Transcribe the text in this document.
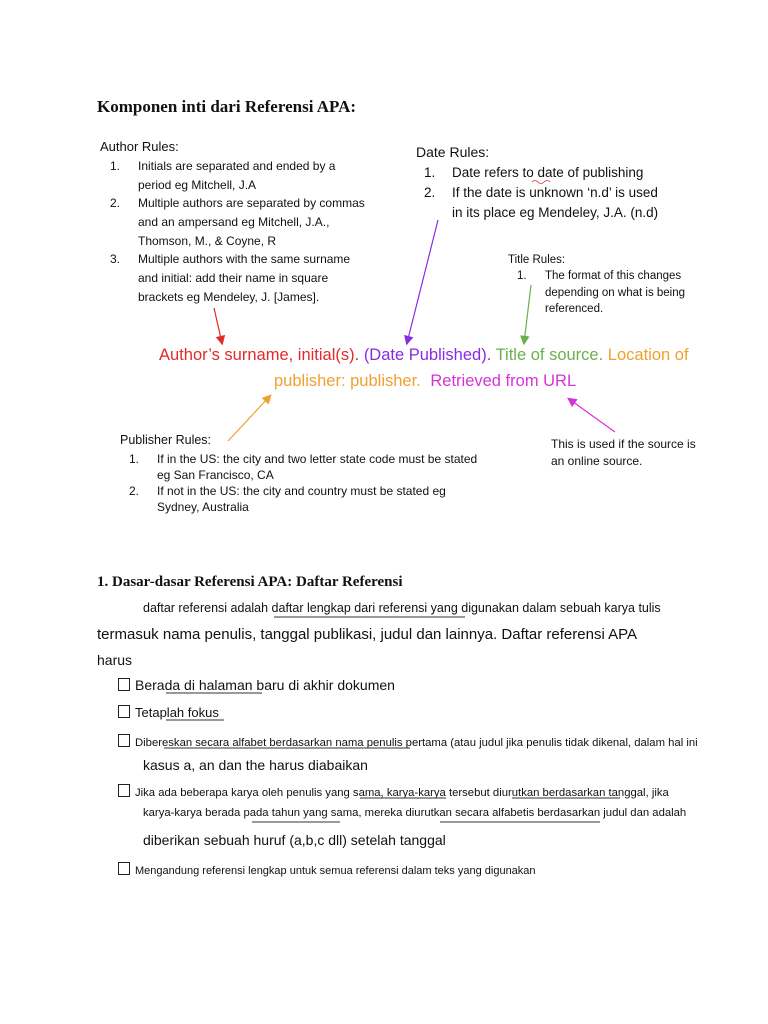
Komponen inti dari Referensi APA:
Author Rules:
1. Initials are separated and ended by a
period eg Mitchell, J.A
2. Multiple authors are separated by commas
and an ampersand eg Mitchell, J.A.,
Thomson, M., & Coyne, R
3. Multiple authors with the same surname
and initial: add their name in square
brackets eg Mendeley, J. [James].
Date Rules:
1. Date refers to date of publishing
2. If the date is unknown ‘n.d’ is used
in its place eg Mendeley, J.A. (n.d)
Title Rules:
1. The format of this changes
depending on what is being
referenced.
Author’s surname, initial(s). (Date Published). Title of source. Location of
publisher: publisher. Retrieved from URL
Publisher Rules:
1. If in the US: the city and two letter state code must be stated
eg San Francisco, CA
2. If not in the US: the city and country must be stated eg
Sydney, Australia
This is used if the source is
an online source.
1. Dasar-dasar Referensi APA: Daftar Referensi
daftar referensi adalah daftar lengkap dari referensi yang digunakan dalam sebuah karya tulis
termasuk nama penulis, tanggal publikasi, judul dan lainnya. Daftar referensi APA
harus
Berada di halaman baru di akhir dokumen
Tetaplah fokus
Dibereskan secara alfabet berdasarkan nama penulis pertama (atau judul jika penulis tidak dikenal, dalam hal ini
kasus a, an dan the harus diabaikan
Jika ada beberapa karya oleh penulis yang sama, karya-karya tersebut diurutkan berdasarkan tanggal, jika
karya-karya berada pada tahun yang sama, mereka diurutkan secara alfabetis berdasarkan judul dan adalah
diberikan sebuah huruf (a,b,c dll) setelah tanggal
Mengandung referensi lengkap untuk semua referensi dalam teks yang digunakan
